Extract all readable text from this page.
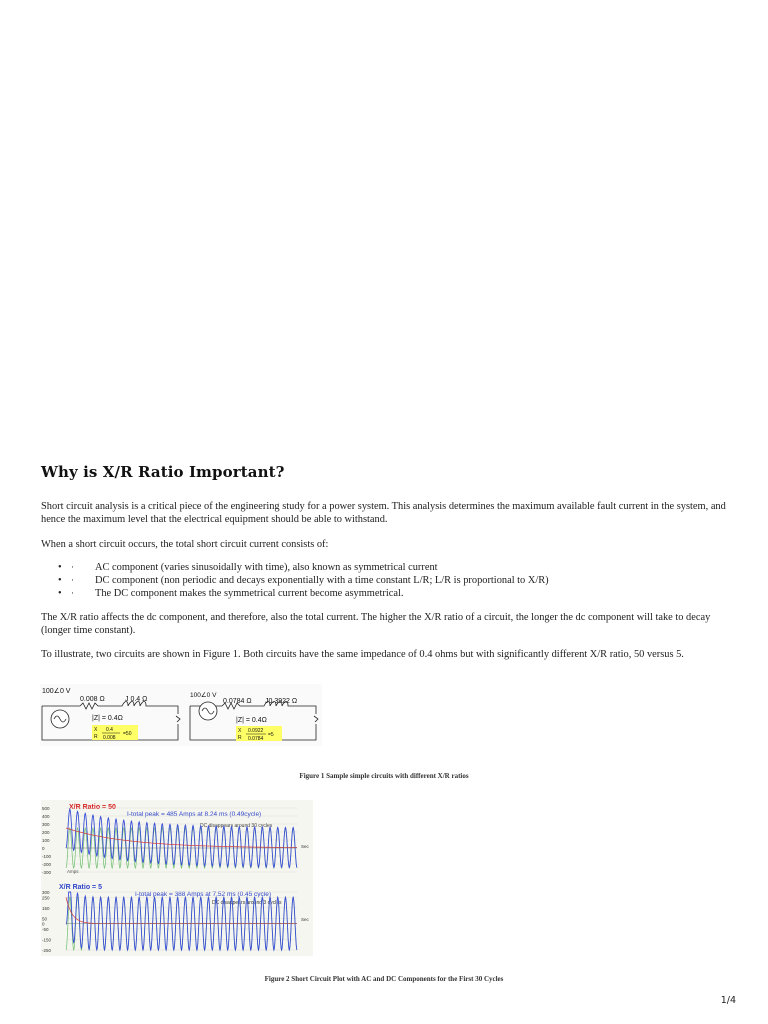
Why is X/R Ratio Important?

Short circuit analysis is a critical piece of the engineering study for a power system. This analysis determines the maximum available fault current in the system, and hence the maximum level that the electrical equipment should be able to withstand.

When a short circuit occurs, the total short circuit current consists of:

• · AC component (varies sinusoidally with time), also known as symmetrical current
• · DC component (non periodic and decays exponentially with a time constant L/R; L/R is proportional to X/R)
• · The DC component makes the symmetrical current become asymmetrical.

The X/R ratio affects the dc component, and therefore, also the total current. The higher the X/R ratio of a circuit, the longer the dc component will take to decay (longer time constant).

To illustrate, two circuits are shown in Figure 1. Both circuits have the same impedance of 0.4 ohms but with significantly different X/R ratio, 50 versus 5.

100∠0 V
0.008 Ω	J 0.4 Ω
|Z| = 0.4Ω
X
R
0.4
0.008
=50
100∠0 V
0.0784 Ω J0.3922 Ω
|Z| = 0.4Ω
X
R
0.0922
0.0784
=5

Figure 1 Sample simple circuits with different X/R ratios

X/R Ratio = 50
I-total peak = 485 Amps at 8.24 ms (0.49cycle)
DC disappears around 30 cycles
Amps
Sec
500
400
300
200
100
0
-100
-200
-300
X/R Ratio = 5
I-total peak = 388 Amps at 7.52 ms (0.45 cycle)
DC disappears around 3 cycles
Sec
300
250
150
50
0
-50
-150
-250

Figure 2 Short Circuit Plot with AC and DC Components for the First 30 Cycles

1/4
